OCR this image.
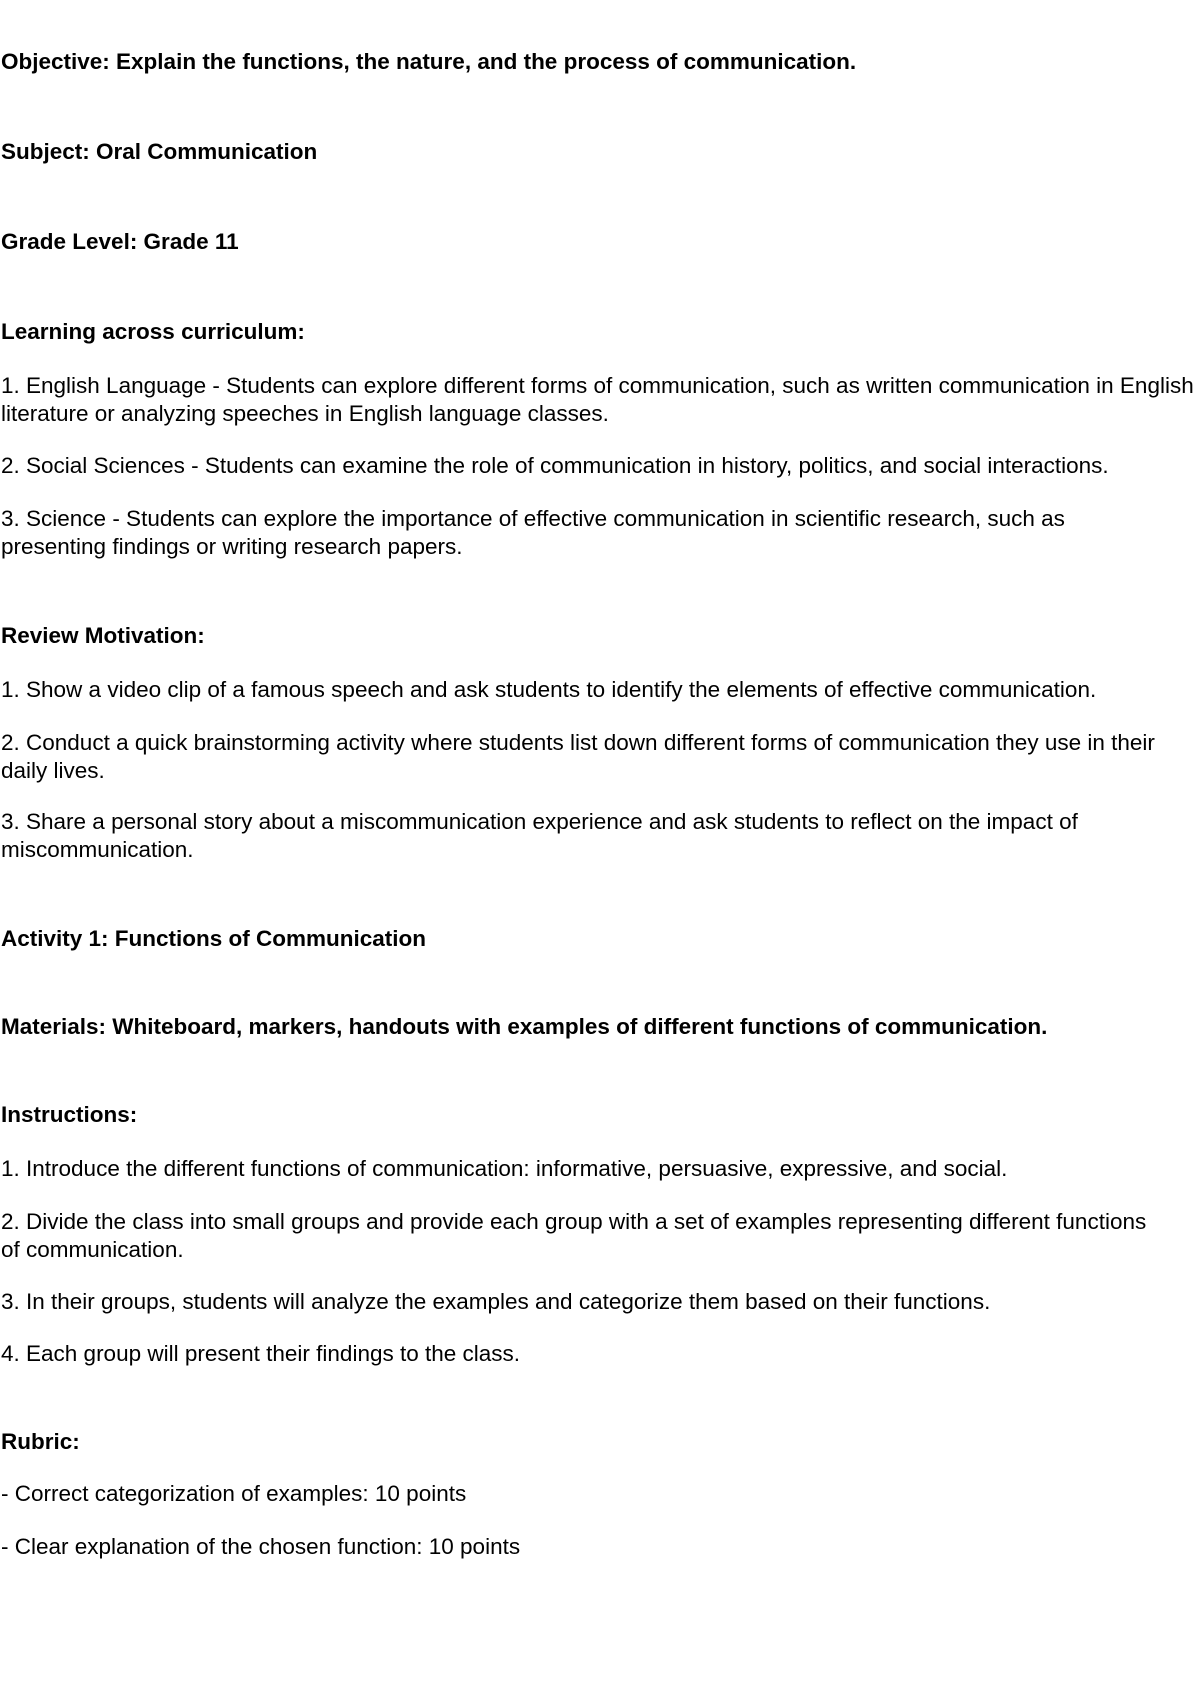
Objective: Explain the functions, the nature, and the process of communication.

Subject: Oral Communication

Grade Level: Grade 11

Learning across curriculum:

1. English Language - Students can explore different forms of communication, such as written communication in English literature or analyzing speeches in English language classes.

2. Social Sciences - Students can examine the role of communication in history, politics, and social interactions.

3. Science - Students can explore the importance of effective communication in scientific research, such as presenting findings or writing research papers.

Review Motivation:

1. Show a video clip of a famous speech and ask students to identify the elements of effective communication.

2. Conduct a quick brainstorming activity where students list down different forms of communication they use in their daily lives.

3. Share a personal story about a miscommunication experience and ask students to reflect on the impact of miscommunication.

Activity 1: Functions of Communication

Materials: Whiteboard, markers, handouts with examples of different functions of communication.

Instructions:

1. Introduce the different functions of communication: informative, persuasive, expressive, and social.

2. Divide the class into small groups and provide each group with a set of examples representing different functions of communication.

3. In their groups, students will analyze the examples and categorize them based on their functions.

4. Each group will present their findings to the class.

Rubric:

- Correct categorization of examples: 10 points

- Clear explanation of the chosen function: 10 points
